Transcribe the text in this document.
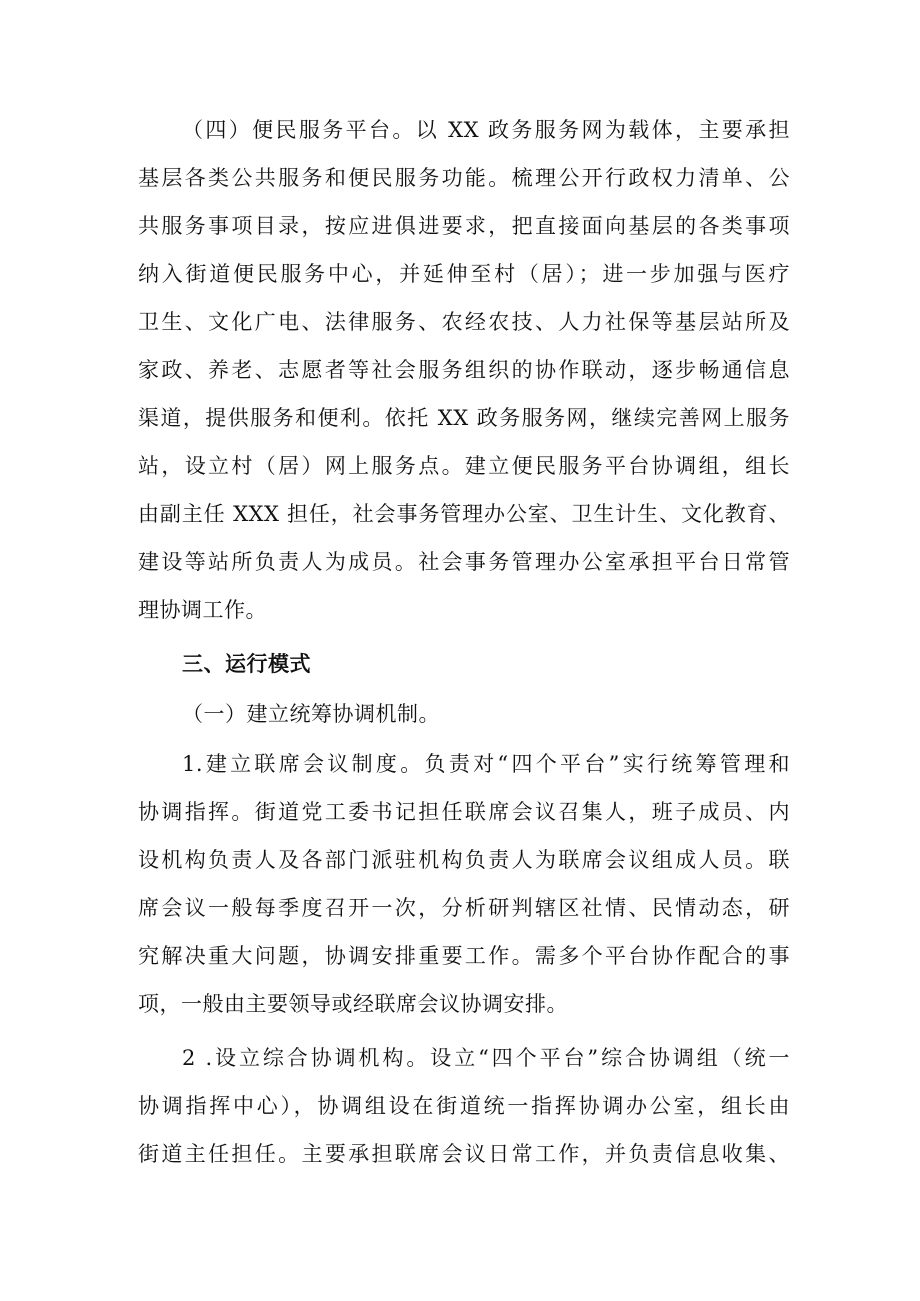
（四）便民服务平台。以 XX 政务服务网为载体，主要承担
基层各类公共服务和便民服务功能。梳理公开行政权力清单、公
共服务事项目录，按应进俱进要求，把直接面向基层的各类事项
纳入街道便民服务中心，并延伸至村（居）；进一步加强与医疗
卫生、文化广电、法律服务、农经农技、人力社保等基层站所及
家政、养老、志愿者等社会服务组织的协作联动，逐步畅通信息
渠道，提供服务和便利。依托 XX 政务服务网，继续完善网上服务
站，设立村（居）网上服务点。建立便民服务平台协调组，组长
由副主任 XXX 担任，社会事务管理办公室、卫生计生、文化教育、
建设等站所负责人为成员。社会事务管理办公室承担平台日常管
理协调工作。
三、运行模式
（一）建立统筹协调机制。
1.建立联席会议制度。负责对“四个平台”实行统筹管理和
协调指挥。街道党工委书记担任联席会议召集人，班子成员、内
设机构负责人及各部门派驻机构负责人为联席会议组成人员。联
席会议一般每季度召开一次，分析研判辖区社情、民情动态，研
究解决重大问题，协调安排重要工作。需多个平台协作配合的事
项，一般由主要领导或经联席会议协调安排。
2 .设立综合协调机构。设立“四个平台”综合协调组（统一
协调指挥中心），协调组设在街道统一指挥协调办公室，组长由
街道主任担任。主要承担联席会议日常工作，并负责信息收集、
